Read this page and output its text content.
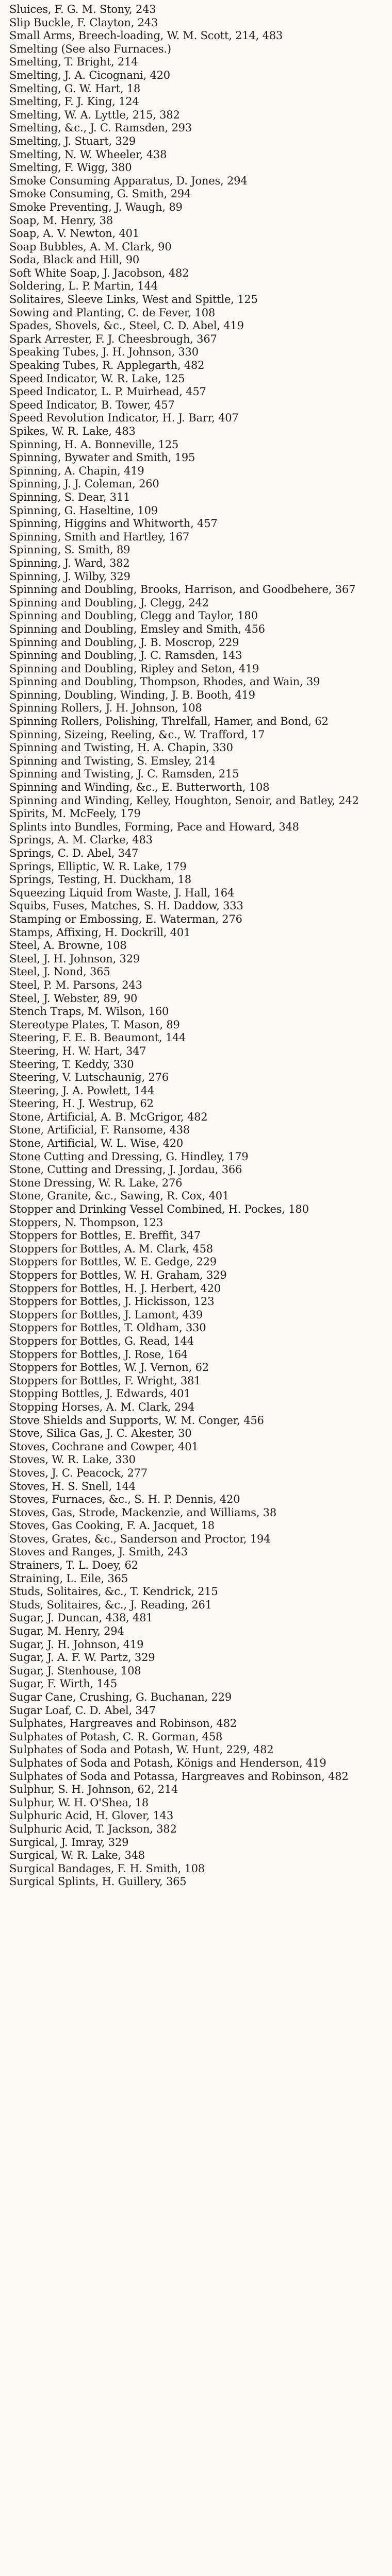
Sluices, F. G. M. Stony, 243
Slip Buckle, F. Clayton, 243
Small Arms, Breech-loading, W. M. Scott, 214, 483
Smelting (See also Furnaces.)
Smelting, T. Bright, 214
Smelting, J. A. Cicognani, 420
Smelting, G. W. Hart, 18
Smelting, F. J. King, 124
Smelting, W. A. Lyttle, 215, 382
Smelting, &c., J. C. Ramsden, 293
Smelting, J. Stuart, 329
Smelting, N. W. Wheeler, 438
Smelting, F. Wigg, 380
Smoke Consuming Apparatus, D. Jones, 294
Smoke Consuming, G. Smith, 294
Smoke Preventing, J. Waugh, 89
Soap, M. Henry, 38
Soap, A. V. Newton, 401
Soap Bubbles, A. M. Clark, 90
Soda, Black and Hill, 90
Soft White Soap, J. Jacobson, 482
Soldering, L. P. Martin, 144
Solitaires, Sleeve Links, West and Spittle, 125
Sowing and Planting, C. de Fever, 108
Spades, Shovels, &c., Steel, C. D. Abel, 419
Spark Arrester, F. J. Cheesbrough, 367
Speaking Tubes, J. H. Johnson, 330
Speaking Tubes, R. Applegarth, 482
Speed Indicator, W. R. Lake, 125
Speed Indicator, L. P. Muirhead, 457
Speed Indicator, B. Tower, 457
Speed Revolution Indicator, H. J. Barr, 407
Spikes, W. R. Lake, 483
Spinning, H. A. Bonneville, 125
Spinning, Bywater and Smith, 195
Spinning, A. Chapin, 419
Spinning, J. J. Coleman, 260
Spinning, S. Dear, 311
Spinning, G. Haseltine, 109
Spinning, Higgins and Whitworth, 457
Spinning, Smith and Hartley, 167
Spinning, S. Smith, 89
Spinning, J. Ward, 382
Spinning, J. Wilby, 329
Spinning and Doubling, Brooks, Harrison, and Goodbehere, 367
Spinning and Doubling, J. Clegg, 242
Spinning and Doubling, Clegg and Taylor, 180
Spinning and Doubling, Emsley and Smith, 456
Spinning and Doubling, J. B. Moscrop, 229
Spinning and Doubling, J. C. Ramsden, 143
Spinning and Doubling, Ripley and Seton, 419
Spinning and Doubling, Thompson, Rhodes, and Wain, 39
Spinning, Doubling, Winding, J. B. Booth, 419
Spinning Rollers, J. H. Johnson, 108
Spinning Rollers, Polishing, Threlfall, Hamer, and Bond, 62
Spinning, Sizeing, Reeling, &c., W. Trafford, 17
Spinning and Twisting, H. A. Chapin, 330
Spinning and Twisting, S. Emsley, 214
Spinning and Twisting, J. C. Ramsden, 215
Spinning and Winding, &c., E. Butterworth, 108
Spinning and Winding, Kelley, Houghton, Senoir, and Batley, 242
Spirits, M. McFeely, 179
Splints into Bundles, Forming, Pace and Howard, 348
Springs, A. M. Clarke, 483
Springs, C. D. Abel, 347
Springs, Elliptic, W. R. Lake, 179
Springs, Testing, H. Duckham, 18
Squeezing Liquid from Waste, J. Hall, 164
Squibs, Fuses, Matches, S. H. Daddow, 333
Stamping or Embossing, E. Waterman, 276
Stamps, Affixing, H. Dockrill, 401
Steel, A. Browne, 108
Steel, J. H. Johnson, 329
Steel, J. Nond, 365
Steel, P. M. Parsons, 243
Steel, J. Webster, 89, 90
Stench Traps, M. Wilson, 160
Stereotype Plates, T. Mason, 89
Steering, F. E. B. Beaumont, 144
Steering, H. W. Hart, 347
Steering, T. Keddy, 330
Steering, V. Lutschaunig, 276
Steering, J. A. Powlett, 144
Steering, H. J. Westrup, 62
Stone, Artificial, A. B. McGrigor, 482
Stone, Artificial, F. Ransome, 438
Stone, Artificial, W. L. Wise, 420
Stone Cutting and Dressing, G. Hindley, 179
Stone, Cutting and Dressing, J. Jordau, 366
Stone Dressing, W. R. Lake, 276
Stone, Granite, &c., Sawing, R. Cox, 401
Stopper and Drinking Vessel Combined, H. Pockes, 180
Stoppers, N. Thompson, 123
Stoppers for Bottles, E. Breffit, 347
Stoppers for Bottles, A. M. Clark, 458
Stoppers for Bottles, W. E. Gedge, 229
Stoppers for Bottles, W. H. Graham, 329
Stoppers for Bottles, H. J. Herbert, 420
Stoppers for Bottles, J. Hickisson, 123
Stoppers for Bottles, J. Lamont, 439
Stoppers for Bottles, T. Oldham, 330
Stoppers for Bottles, G. Read, 144
Stoppers for Bottles, J. Rose, 164
Stoppers for Bottles, W. J. Vernon, 62
Stoppers for Bottles, F. Wright, 381
Stopping Bottles, J. Edwards, 401
Stopping Horses, A. M. Clark, 294
Stove Shields and Supports, W. M. Conger, 456
Stove, Silica Gas, J. C. Akester, 30
Stoves, Cochrane and Cowper, 401
Stoves, W. R. Lake, 330
Stoves, J. C. Peacock, 277
Stoves, H. S. Snell, 144
Stoves, Furnaces, &c., S. H. P. Dennis, 420
Stoves, Gas, Strode, Mackenzie, and Williams, 38
Stoves, Gas Cooking, F. A. Jacquet, 18
Stoves, Grates, &c., Sanderson and Proctor, 194
Stoves and Ranges, J. Smith, 243
Strainers, T. L. Doey, 62
Straining, L. Eile, 365
Studs, Solitaires, &c., T. Kendrick, 215
Studs, Solitaires, &c., J. Reading, 261
Sugar, J. Duncan, 438, 481
Sugar, M. Henry, 294
Sugar, J. H. Johnson, 419
Sugar, J. A. F. W. Partz, 329
Sugar, J. Stenhouse, 108
Sugar, F. Wirth, 145
Sugar Cane, Crushing, G. Buchanan, 229
Sugar Loaf, C. D. Abel, 347
Sulphates, Hargreaves and Robinson, 482
Sulphates of Potash, C. R. Gorman, 458
Sulphates of Soda and Potash, W. Hunt, 229, 482
Sulphates of Soda and Potash, Königs and Henderson, 419
Sulphates of Soda and Potassa, Hargreaves and Robinson, 482
Sulphur, S. H. Johnson, 62, 214
Sulphur, W. H. O'Shea, 18
Sulphuric Acid, H. Glover, 143
Sulphuric Acid, T. Jackson, 382
Surgical, J. Imray, 329
Surgical, W. R. Lake, 348
Surgical Bandages, F. H. Smith, 108
Surgical Splints, H. Guillery, 365
